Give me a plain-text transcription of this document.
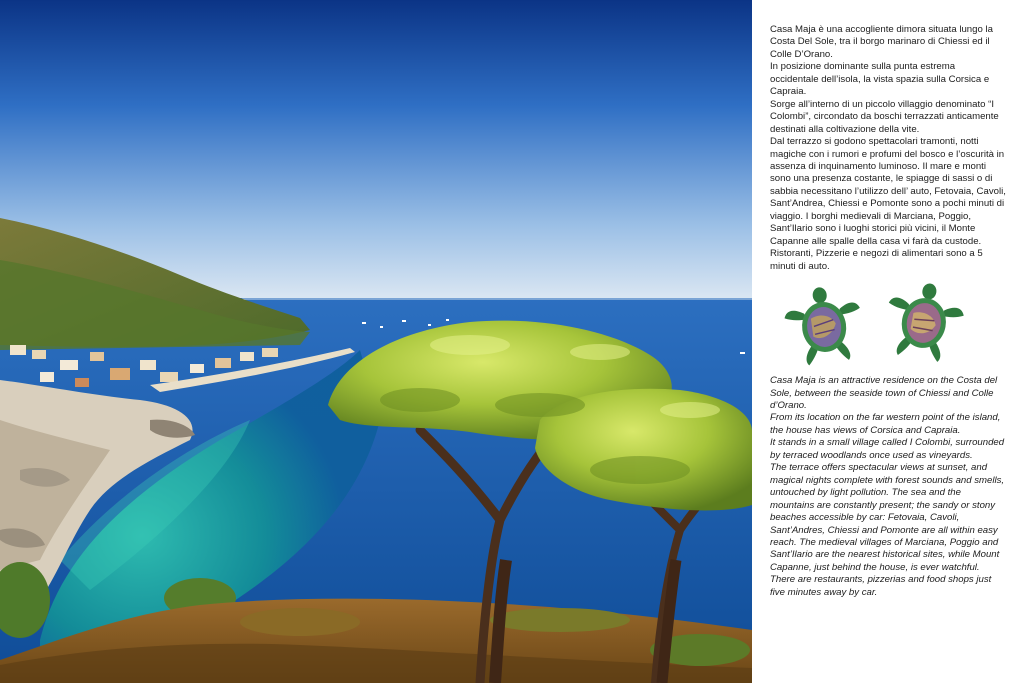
Casa Maja è una accogliente dimora situata lungo la Costa Del Sole, tra il borgo marinaro di Chiessi ed il Colle D’Orano.

In posizione dominante sulla punta estrema occidentale dell’isola, la vista spazia sulla Corsica e Capraia.

Sorge all’interno di un piccolo villaggio denominato “I Colombi”, circondato da boschi terrazzati anticamente destinati alla coltivazione della vite.

Dal terrazzo si godono spettacolari tramonti, notti magiche con i rumori e profumi del bosco e l’oscurità in assenza di inquinamento luminoso. Il mare e monti sono una presenza costante, le spiagge di sassi o di sabbia necessitano l’utilizzo dell’ auto, Fetovaia, Cavoli, Sant’Andrea, Chiessi e Pomonte sono a pochi minuti di viaggio. I borghi medievali di Marciana, Poggio, Sant’Ilario sono i luoghi storici più vicini, il Monte Capanne alle spalle della casa vi farà da custode. Ristoranti, Pizzerie e negozi di alimentari sono a 5 minuti di auto.

Casa Maja is an attractive residence on the Costa del Sole, between the seaside town of Chiessi and Colle d’Orano.

From its location on the far western point of the island, the house has views of Corsica and Capraia.

It stands in a small village called I Colombi, surrounded by terraced woodlands once used as vineyards.

The terrace offers spectacular views at sunset, and magical nights complete with forest sounds and smells, untouched by light pollution. The sea and the mountains are constantly present; the sandy or stony beaches accessible by car: Fetovaia, Cavoli, Sant’Andres, Chiessi and Pomonte are all within easy reach. The medieval villages of Marciana, Poggio and Sant’Ilario are the nearest historical sites, while Mount Capanne, just behind the house, is ever watchful. There are restaurants, pizzerias and food shops just five minutes away by car.
